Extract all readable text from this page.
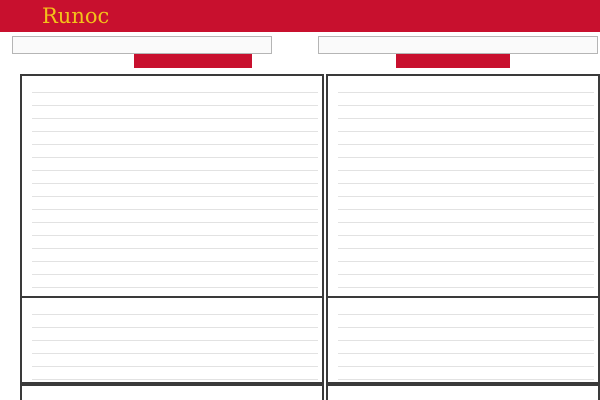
Runoc
